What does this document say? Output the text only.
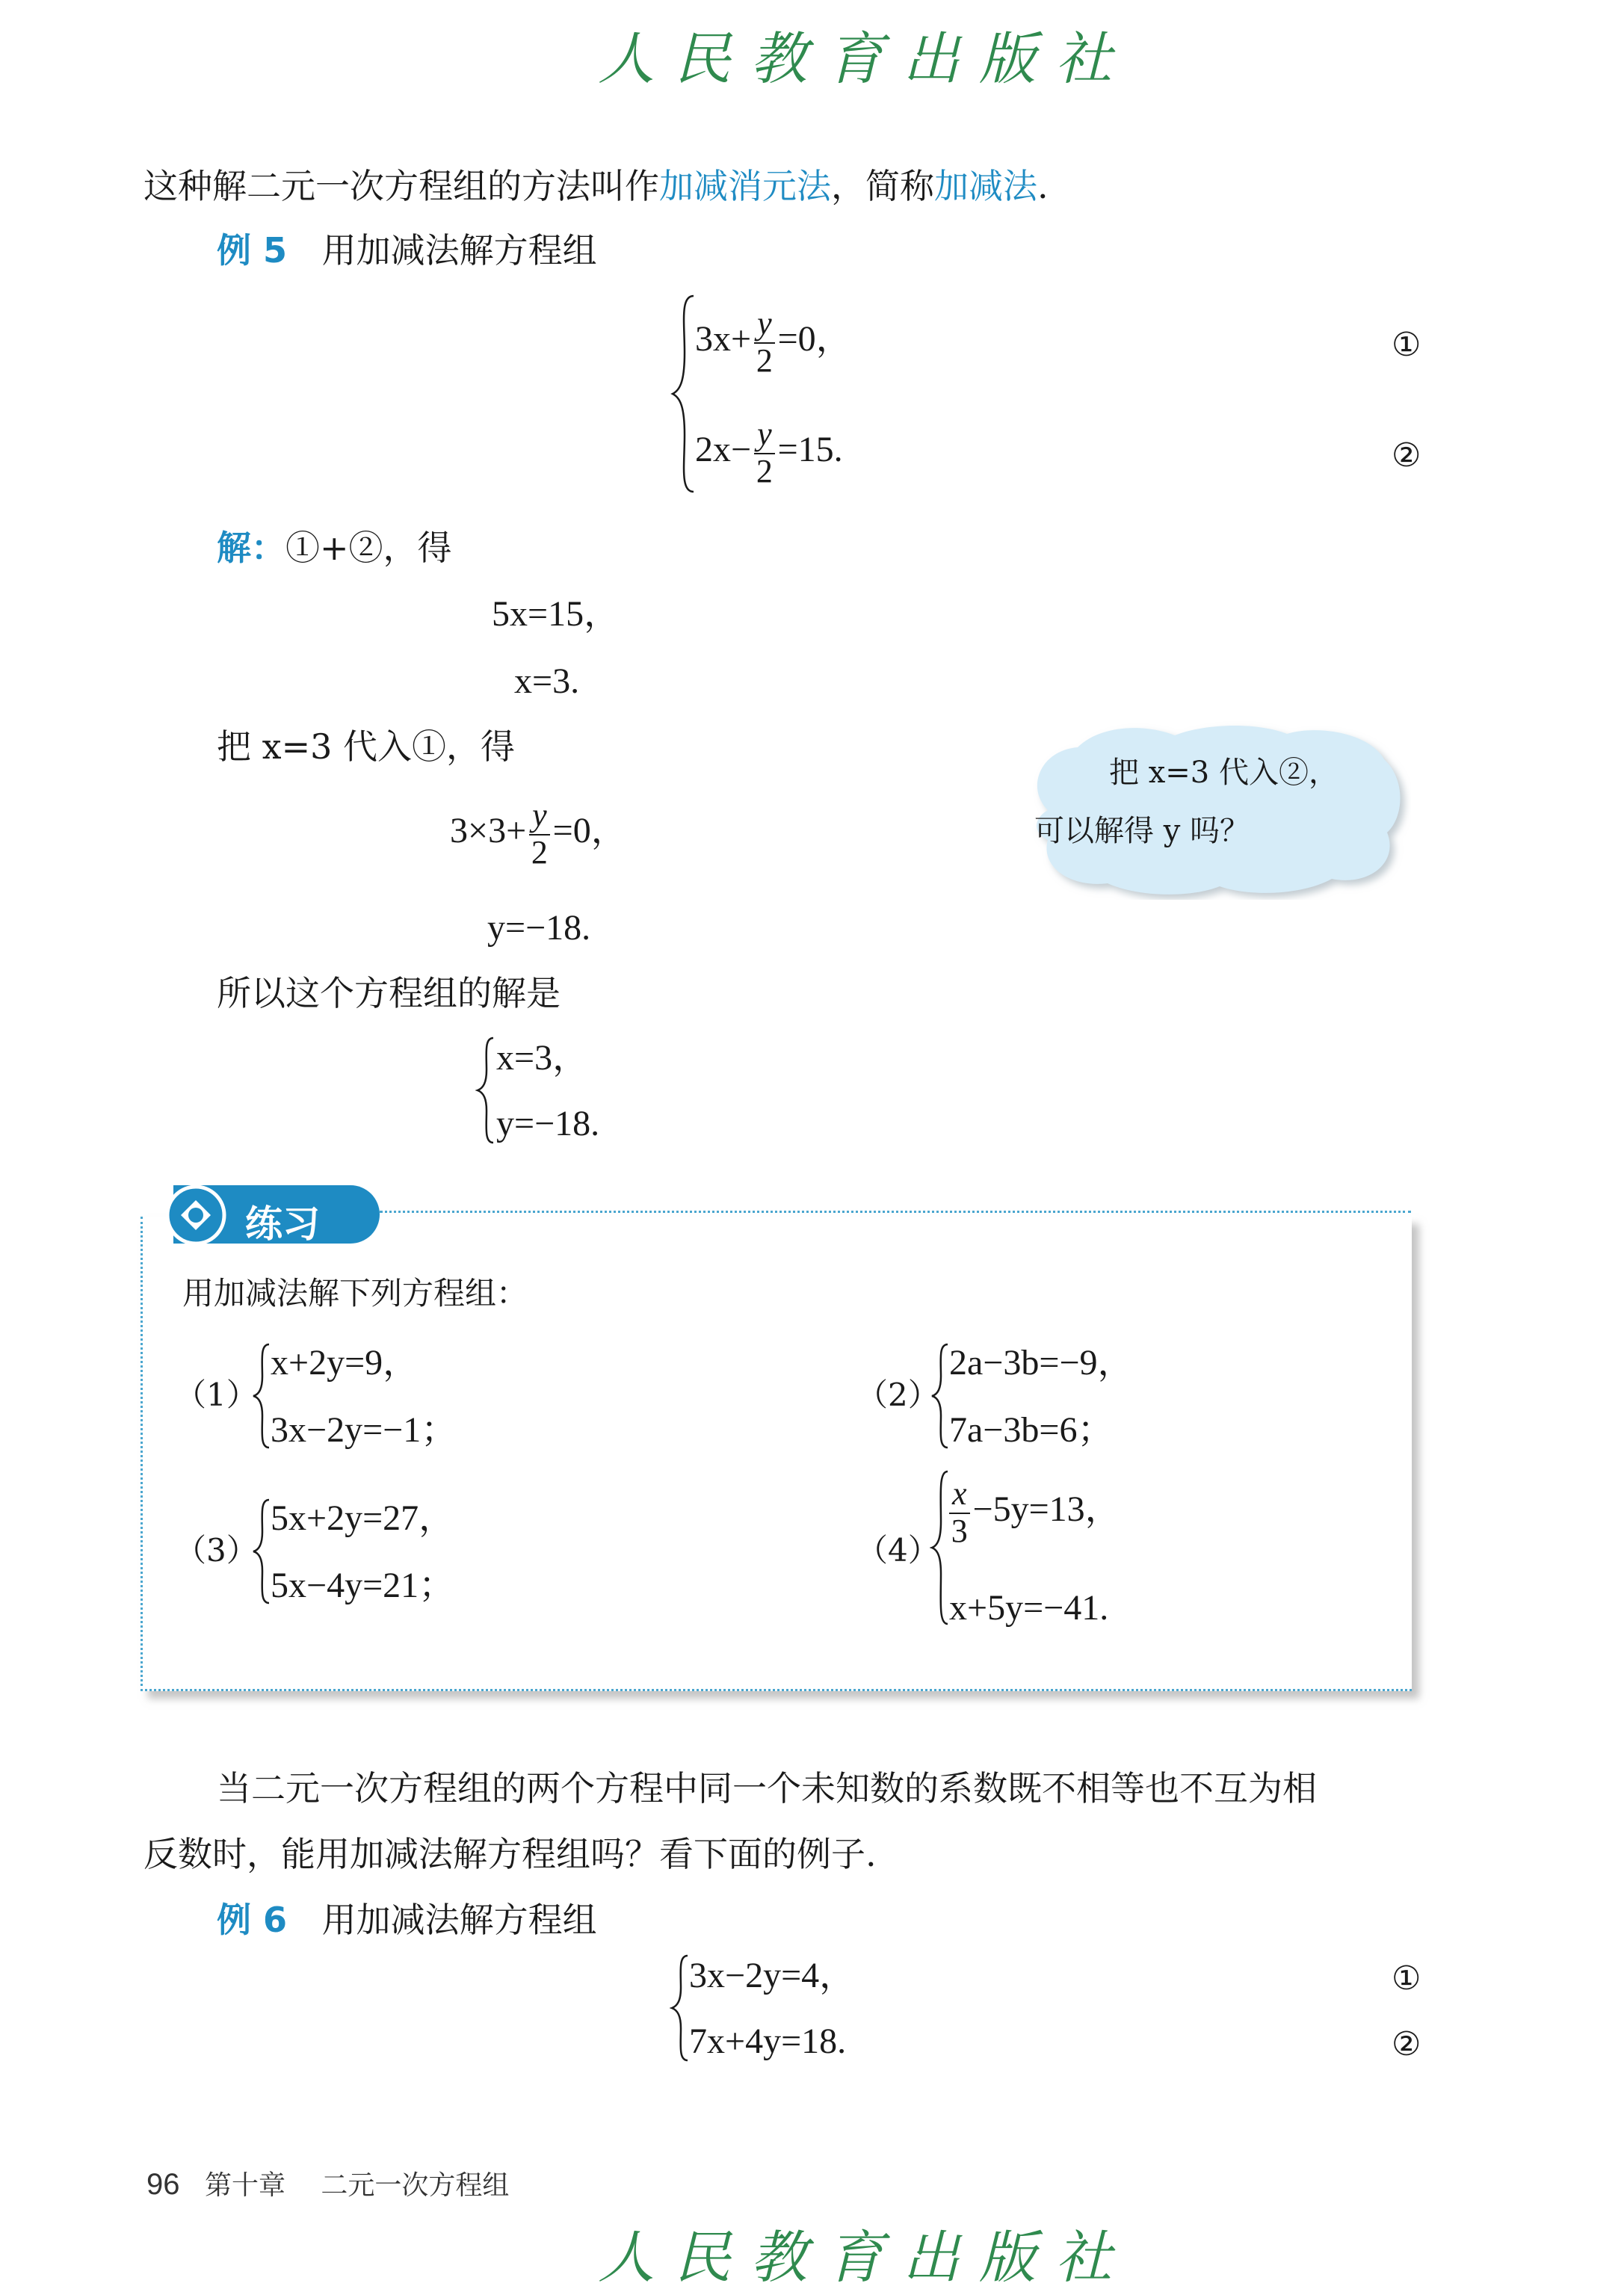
人民教育出版社
这种解二元一次方程组的方法叫作加减消元法，简称加减法.
例 5 用加减法解方程组
$3x+ \frac{y}{2} =0$，
$2x- \frac{y}{2} =15$.
①
②
解：①+②，得
5x=15，
x=3.
把 x=3 代入①，得
$3\times 3+ \frac{y}{2} =0$，
y=−18.
所以这个方程组的解是
x=3，
y=−18.
把 x=3 代入②，
可以解得 y 吗？
练习
用加减法解下列方程组：
（1）
x+2y=9，
3x−2y=−1；
（2）
2a−3b=−9，
7a−3b=6；
（3）
5x+2y=27，
5x−4y=21；
（4）
$\frac{x}{3} -5y=13$，
x+5y=−41.
当二元一次方程组的两个方程中同一个未知数的系数既不相等也不互为相
反数时，能用加减法解方程组吗？看下面的例子.
例 6 用加减法解方程组
3x−2y=4，
7x+4y=18.
①
②
96 第十章 二元一次方程组
人民教育出版社
